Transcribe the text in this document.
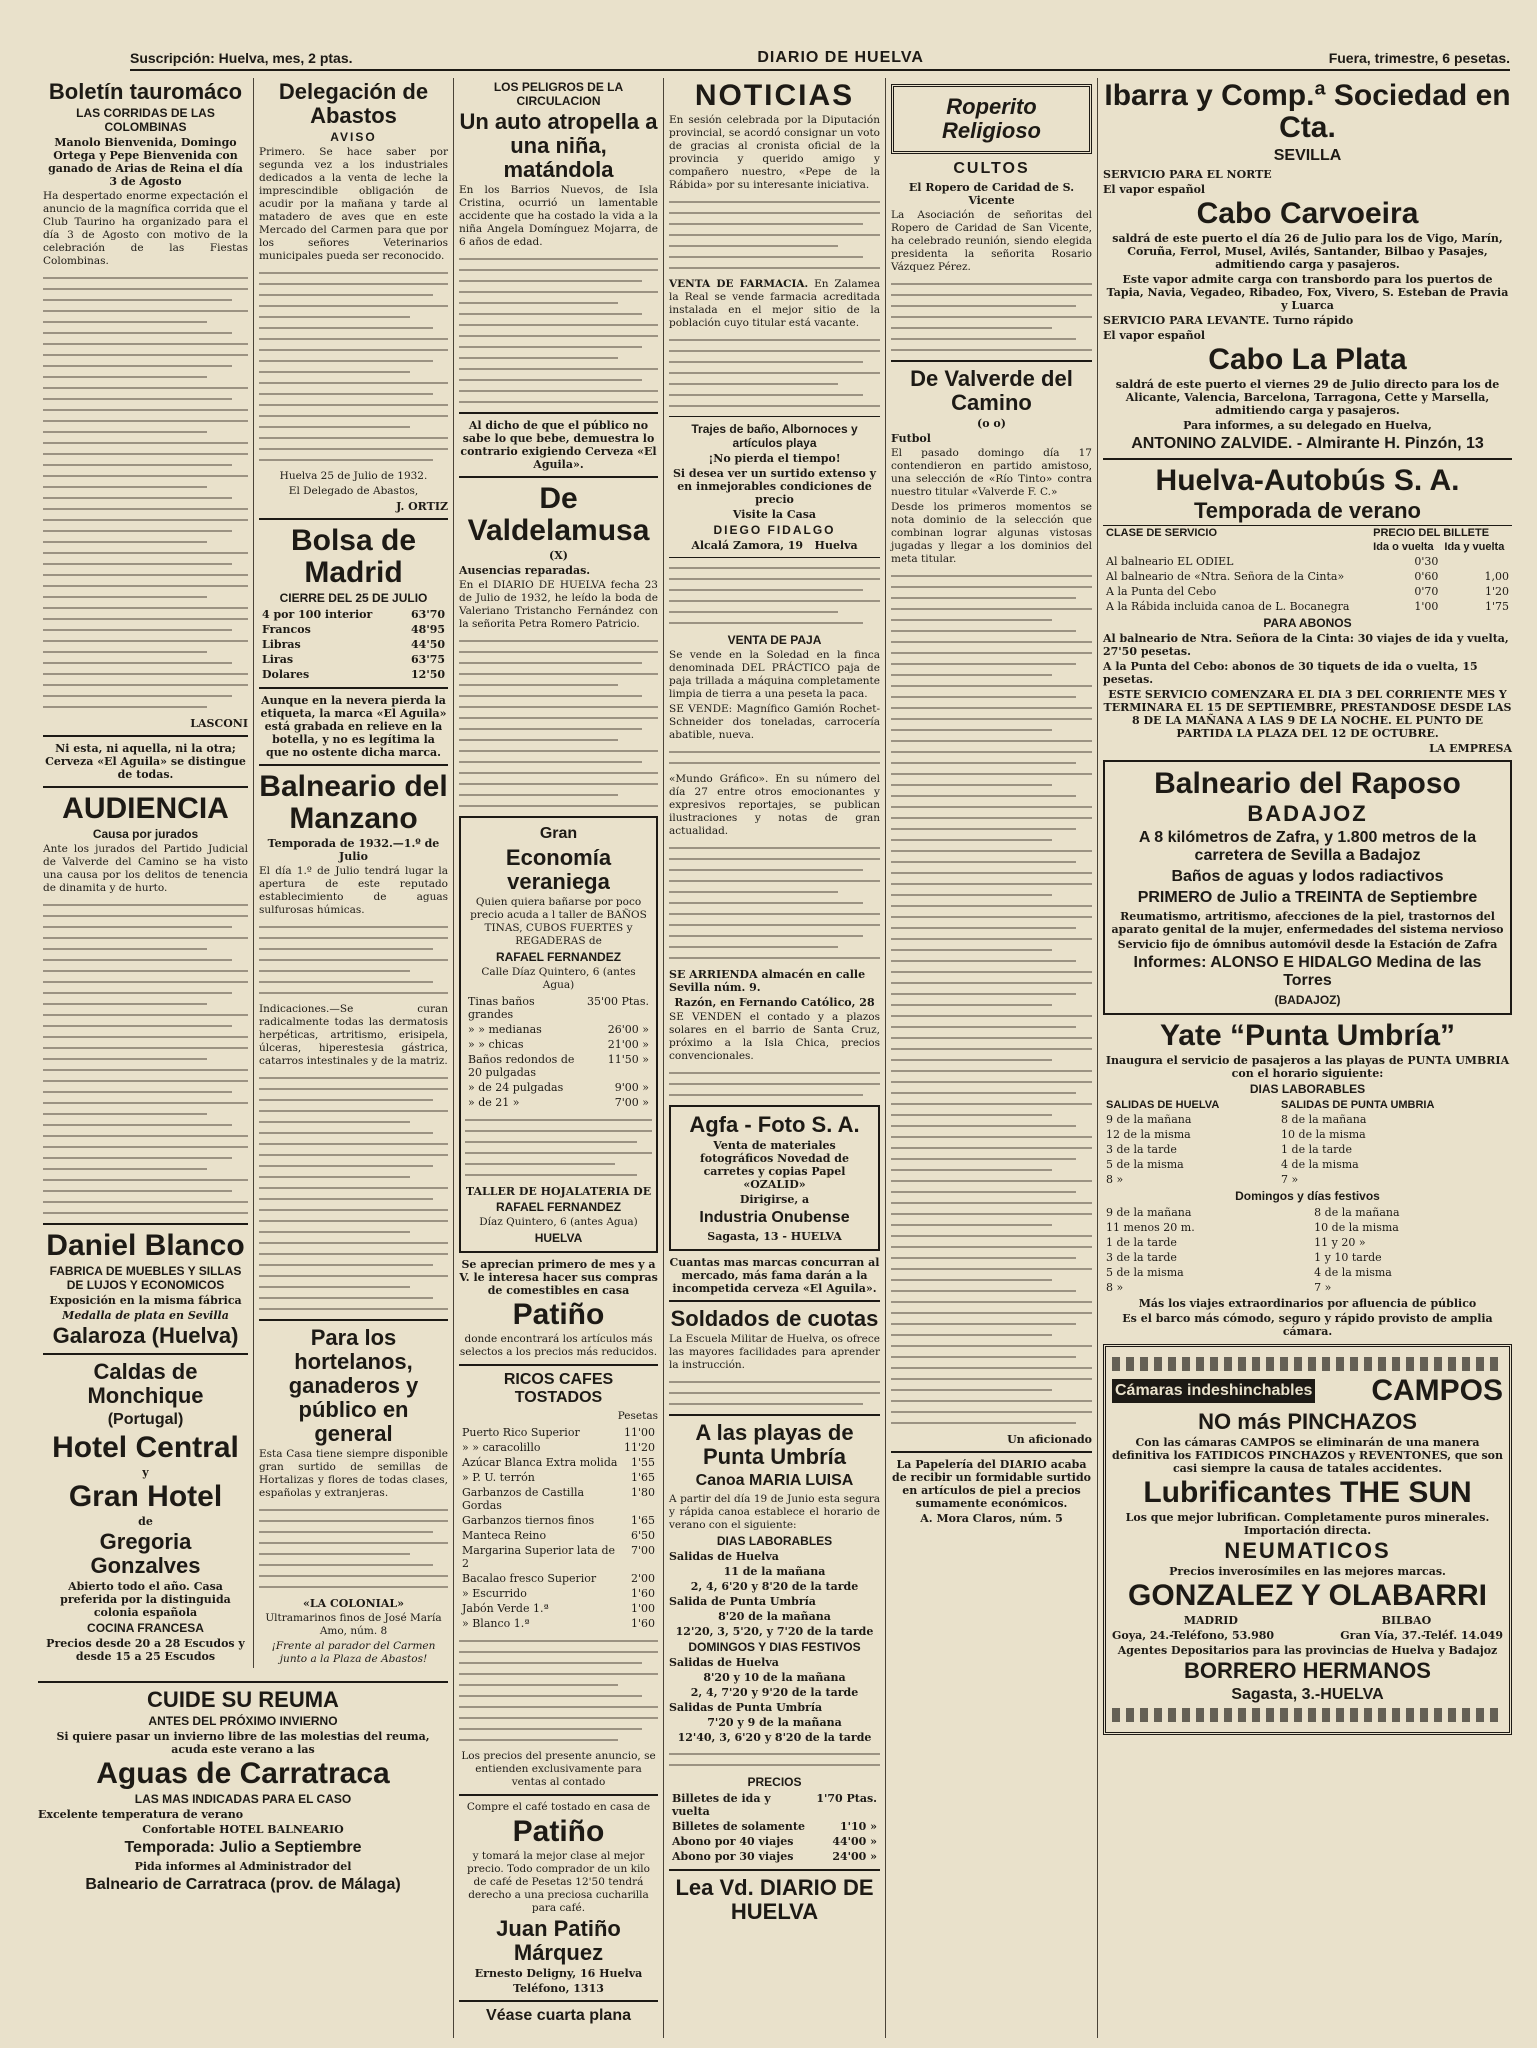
Suscripción: Huelva, mes, 2 ptas.	DIARIO DE HUELVA	Fuera, trimestre, 6 pesetas.
Boletín tauromáco
LAS CORRIDAS DE LAS COLOMBINAS
Manolo Bienvenida, Domingo Ortega y Pepe Bienvenida con ganado de Arias de Reina el día 3 de Agosto
Ha despertado enorme expectación el anuncio de la magnífica corrida que el Club Taurino ha organizado para el día 3 de Agosto con motivo de la celebración de las Fiestas Colombinas.
LASCONI
Ni esta, ni aquella, ni la otra; Cerveza «El Aguila» se distingue de todas.
AUDIENCIA
Causa por jurados
Ante los jurados del Partido Judicial de Valverde del Camino se ha visto una causa por los delitos de tenencia de dinamita y de hurto.
Daniel Blanco
FABRICA DE MUEBLES Y SILLAS DE LUJOS Y ECONOMICOS
Exposición en la misma fábrica
Medalla de plata en Sevilla
Galaroza (Huelva)
Caldas de Monchique
(Portugal)
Hotel Central
y
Gran Hotel
de
Gregoria Gonzalves
Abierto todo el año. Casa preferida por la distinguida colonia española
COCINA FRANCESA
Precios desde 20 a 28 Escudos y desde 15 a 25 Escudos
Delegación de Abastos
AVISO
Primero. Se hace saber por segunda vez a los industriales dedicados a la venta de leche la imprescindible obligación de acudir por la mañana y tarde al matadero de aves que en este Mercado del Carmen para que por los señores Veterinarios municipales pueda ser reconocido.
Huelva 25 de Julio de 1932.
El Delegado de Abastos,
J. ORTIZ
Bolsa de Madrid
CIERRE DEL 25 DE JULIO
4 por 100 interior	63'70
Francos	48'95
Libras	44'50
Liras	63'75
Dolares	12'50
Aunque en la nevera pierda la etiqueta, la marca «El Aguila» está grabada en relieve en la botella, y no es legítima la que no ostente dicha marca.
Balneario del Manzano
Temporada de 1932.—1.º de Julio
El día 1.º de Julio tendrá lugar la apertura de este reputado establecimiento de aguas sulfurosas húmicas.
Indicaciones.—Se curan radicalmente todas las dermatosis herpéticas, artritismo, erisipela, úlceras, hiperestesia gástrica, catarros intestinales y de la matriz.
Para los hortelanos, ganaderos y público en general
Esta Casa tiene siempre disponible gran surtido de semillas de Hortalizas y flores de todas clases, españolas y extranjeras.
«LA COLONIAL»
Ultramarinos finos de José María Amo, núm. 8
¡Frente al parador del Carmen junto a la Plaza de Abastos!
CUIDE SU REUMA
ANTES DEL PRÓXIMO INVIERNO
Si quiere pasar un invierno libre de las molestias del reuma, acuda este verano a las
Aguas de Carratraca
LAS MAS INDICADAS PARA EL CASO
Excelente temperatura de verano
Confortable HOTEL BALNEARIO
Temporada: Julio a Septiembre
Pida informes al Administrador del
Balneario de Carratraca (prov. de Málaga)
LOS PELIGROS DE LA CIRCULACION
Un auto atropella a una niña, matándola
En los Barrios Nuevos, de Isla Cristina, ocurrió un lamentable accidente que ha costado la vida a la niña Angela Domínguez Mojarra, de 6 años de edad.
Al dicho de que el público no sabe lo que bebe, demuestra lo contrario exigiendo Cerveza «El Aguila».
De Valdelamusa
(X)
Ausencias reparadas.
En el DIARIO DE HUELVA fecha 23 de Julio de 1932, he leído la boda de Valeriano Tristancho Fernández con la señorita Petra Romero Patricio.
Gran
Economía veraniega
Quien quiera bañarse por poco precio acuda a l taller de BAÑOS TINAS, CUBOS FUERTES y REGADERAS de
RAFAEL FERNANDEZ
Calle Díaz Quintero, 6 (antes Agua)
Tinas baños grandes	35'00 Ptas.
» » medianas	26'00 »
» » chicas	21'00 »
Baños redondos de 20 pulgadas	11'50 »
» de 24 pulgadas	9'00 »
» de 21 »	7'00 »
TALLER DE HOJALATERIA DE
RAFAEL FERNANDEZ
Díaz Quintero, 6 (antes Agua)
HUELVA
Se aprecian primero de mes y a V. le interesa hacer sus compras de comestibles en casa
Patiño
donde encontrará los artículos más selectos a los precios más reducidos.
RICOS CAFES TOSTADOS
Pesetas
Puerto Rico Superior	11'00
» » caracolillo	11'20
Azúcar Blanca Extra molida	1'55
» P. U. terrón	1'65
Garbanzos de Castilla Gordas	1'80
Garbanzos tiernos finos	1'65
Manteca Reino	6'50
Margarina Superior lata de 2	7'00
Bacalao fresco Superior	2'00
» Escurrido	1'60
Jabón Verde 1.ª	1'00
» Blanco 1.ª	1'60
Los precios del presente anuncio, se entienden exclusivamente para ventas al contado
Compre el café tostado en casa de
Patiño
y tomará la mejor clase al mejor precio. Todo comprador de un kilo de café de Pesetas 12'50 tendrá derecho a una preciosa cucharilla para café.
Juan Patiño Márquez
Ernesto Deligny, 16 Huelva
Teléfono, 1313
Véase cuarta plana
NOTICIAS
En sesión celebrada por la Diputación provincial, se acordó consignar un voto de gracias al cronista oficial de la provincia y querido amigo y compañero nuestro, «Pepe de la Rábida» por su interesante iniciativa.
VENTA DE FARMACIA. En Zalamea la Real se vende farmacia acreditada instalada en el mejor sitio de la población cuyo titular está vacante.
Trajes de baño, Albornoces y artículos playa
¡No pierda el tiempo!
Si desea ver un surtido extenso y en inmejorables condiciones de precio
Visite la Casa
DIEGO FIDALGO
Alcalá Zamora, 19 Huelva
VENTA DE PAJA
Se vende en la Soledad en la finca denominada DEL PRÁCTICO paja de paja trillada a máquina completamente limpia de tierra a una peseta la paca.
SE VENDE: Magnífico Gamión Rochet-Schneider dos toneladas, carrocería abatible, nueva.
«Mundo Gráfico». En su número del día 27 entre otros emocionantes y expresivos reportajes, se publican ilustraciones y notas de gran actualidad.
SE ARRIENDA almacén en calle Sevilla núm. 9.
Razón, en Fernando Católico, 28
SE VENDEN el contado y a plazos solares en el barrio de Santa Cruz, próximo a la Isla Chica, precios convencionales.
Agfa - Foto S. A.
Venta de materiales fotográficos Novedad de carretes y copias Papel «OZALID»
Dirigirse, a
Industria Onubense
Sagasta, 13 - HUELVA
Cuantas mas marcas concurran al mercado, más fama darán a la incompetida cerveza «El Aguila».
Soldados de cuotas
La Escuela Militar de Huelva, os ofrece las mayores facilidades para aprender la instrucción.
A las playas de Punta Umbría
Canoa MARIA LUISA
A partir del día 19 de Junio esta segura y rápida canoa establece el horario de verano con el siguiente:
DIAS LABORABLES
Salidas de Huelva
11 de la mañana
2, 4, 6'20 y 8'20 de la tarde
Salida de Punta Umbría
8'20 de la mañana
12'20, 3, 5'20, y 7'20 de la tarde
DOMINGOS Y DIAS FESTIVOS
Salidas de Huelva
8'20 y 10 de la mañana
2, 4, 7'20 y 9'20 de la tarde
Salidas de Punta Umbría
7'20 y 9 de la mañana
12'40, 3, 6'20 y 8'20 de la tarde
PRECIOS
Billetes de ida y vuelta	1'70 Ptas.
Billetes de solamente	1'10 »
Abono por 40 viajes	44'00 »
Abono por 30 viajes	24'00 »
Lea Vd. DIARIO DE HUELVA
Roperito Religioso
CULTOS
El Ropero de Caridad de S. Vicente
La Asociación de señoritas del Ropero de Caridad de San Vicente, ha celebrado reunión, siendo elegida presidenta la señorita Rosario Vázquez Pérez.
De Valverde del Camino
(o o)
Futbol
El pasado domingo día 17 contendieron en partido amistoso, una selección de «Río Tinto» contra nuestro titular «Valverde F. C.»
Desde los primeros momentos se nota dominio de la selección que combinan lograr algunas vistosas jugadas y llegar a los dominios del meta titular.
Un aficionado
La Papelería del DIARIO acaba de recibir un formidable surtido en artículos de piel a precios sumamente económicos.
A. Mora Claros, núm. 5
Ibarra y Comp.ª Sociedad en Cta.
SEVILLA
SERVICIO PARA EL NORTE
El vapor español
Cabo Carvoeira
saldrá de este puerto el día 26 de Julio para los de Vigo, Marín, Coruña, Ferrol, Musel, Avilés, Santander, Bilbao y Pasajes, admitiendo carga y pasajeros.
Este vapor admite carga con transbordo para los puertos de Tapia, Navia, Vegadeo, Ribadeo, Fox, Vivero, S. Esteban de Pravia y Luarca
SERVICIO PARA LEVANTE. Turno rápido
El vapor español
Cabo La Plata
saldrá de este puerto el viernes 29 de Julio directo para los de Alicante, Valencia, Barcelona, Tarragona, Cette y Marsella, admitiendo carga y pasajeros.
Para informes, a su delegado en Huelva,
ANTONINO ZALVIDE. - Almirante H. Pinzón, 13
Huelva-Autobús S. A.
Temporada de verano
CLASE DE SERVICIO	PRECIO DEL BILLETE	
	Ida o vuelta	Ida y vuelta
Al balneario EL ODIEL	0'30	
Al balneario de «Ntra. Señora de la Cinta»	0'60	1,00
A la Punta del Cebo	0'70	1'20
A la Rábida incluida canoa de L. Bocanegra	1'00	1'75
PARA ABONOS
Al balneario de Ntra. Señora de la Cinta: 30 viajes de ida y vuelta, 27'50 pesetas.
A la Punta del Cebo: abonos de 30 tiquets de ida o vuelta, 15 pesetas.
ESTE SERVICIO COMENZARA EL DIA 3 DEL CORRIENTE MES Y TERMINARA EL 15 DE SEPTIEMBRE, PRESTANDOSE DESDE LAS 8 DE LA MAÑANA A LAS 9 DE LA NOCHE. EL PUNTO DE PARTIDA LA PLAZA DEL 12 DE OCTUBRE.
LA EMPRESA
Balneario del Raposo
BADAJOZ
A 8 kilómetros de Zafra, y 1.800 metros de la carretera de Sevilla a Badajoz
Baños de aguas y lodos radiactivos
PRIMERO de Julio a TREINTA de Septiembre
Reumatismo, artritismo, afecciones de la piel, trastornos del aparato genital de la mujer, enfermedades del sistema nervioso
Servicio fijo de ómnibus automóvil desde la Estación de Zafra
Informes: ALONSO E HIDALGO Medina de las Torres
(BADAJOZ)
Yate “Punta Umbría”
Inaugura el servicio de pasajeros a las playas de PUNTA UMBRIA con el horario siguiente:
DIAS LABORABLES
SALIDAS DE HUELVA	SALIDAS DE PUNTA UMBRIA
9 de la mañana	8 de la mañana
12 de la misma	10 de la misma
3 de la tarde	1 de la tarde
5 de la misma	4 de la misma
8 »	7 »
Domingos y días festivos
9 de la mañana	8 de la mañana
11 menos 20 m.	10 de la misma
1 de la tarde	11 y 20 »
3 de la tarde	1 y 10 tarde
5 de la misma	4 de la misma
8 »	7 »
Más los viajes extraordinarios por afluencia de público
Es el barco más cómodo, seguro y rápido provisto de amplia cámara.
Cámaras indeshinchables CAMPOS
NO más PINCHAZOS
Con las cámaras CAMPOS se eliminarán de una manera definitiva los FATIDICOS PINCHAZOS y REVENTONES, que son casi siempre la causa de tatales accidentes.
Lubrificantes THE SUN
Los que mejor lubrifican. Completamente puros minerales. Importación directa.
NEUMATICOS
Precios inverosímiles en las mejores marcas.
GONZALEZ Y OLABARRI
MADRID	BILBAO
Goya, 24.-Teléfono, 53.980	Gran Vía, 37.-Teléf. 14.049
Agentes Depositarios para las provincias de Huelva y Badajoz
BORRERO HERMANOS
Sagasta, 3.-HUELVA
